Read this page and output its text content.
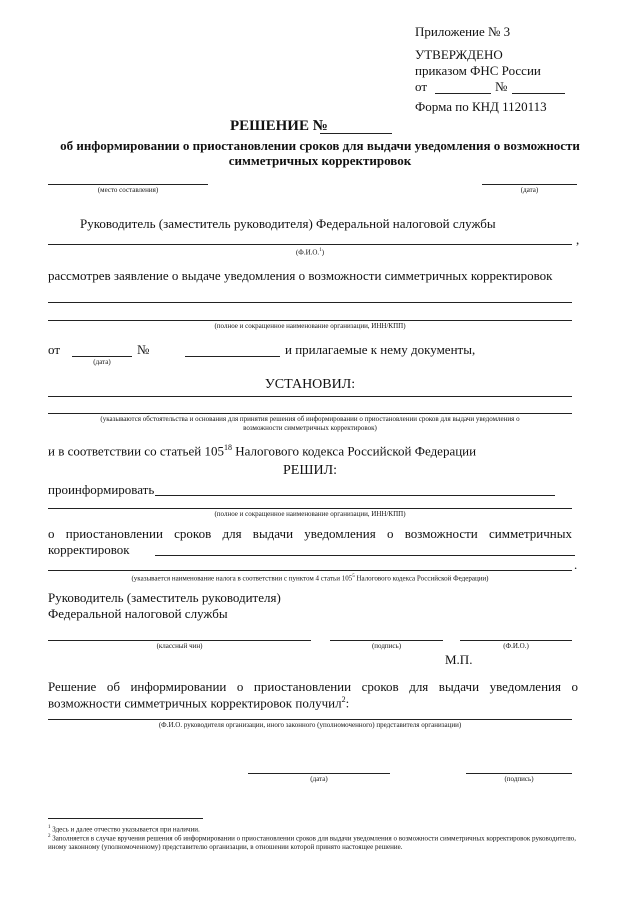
Приложение № 3
УТВЕРЖДЕНО
приказом ФНС России
от	№
Форма по КНД 1120113
РЕШЕНИЕ №
об информировании о приостановлении сроков для выдачи уведомления о возможности
симметричных корректировок
(место составления)	(дата)
Руководитель (заместитель руководителя) Федеральной налоговой службы
,
(Ф.И.О.$^1$)
рассмотрев заявление о выдаче уведомления о возможности симметричных корректировок
(полное и сокращенное наименование организации, ИНН/КПП)
от
(дата)
№	и прилагаемые к нему документы,
УСТАНОВИЛ:
(указываются обстоятельства и основания для принятия решения об информировании о приостановлении сроков для выдачи уведомления о
возможности симметричных корректировок)
и в соответствии со статьей $105^{18}$ Налогового кодекса Российской Федерации
РЕШИЛ:
проинформировать
(полное и сокращенное наименование организации, ИНН/КПП)
о приостановлении сроков для выдачи уведомления о возможности симметричных
корректировок
.
(указывается наименование налога в соответствии с пунктом 4 статьи $105^5$ Налогового кодекса Российской Федерации)
Руководитель (заместитель руководителя)
Федеральной налоговой службы
(классный чин)	(подпись)	(Ф.И.О.)
М.П.
Решение об информировании о приостановлении сроков для выдачи уведомления о
возможности симметричных корректировок получил$^2$:
(Ф.И.О. руководителя организации, иного законного (уполномоченного) представителя организации)
(дата)	(подпись)
$^1$ Здесь и далее отчество указывается при наличии.
$^2$ Заполняется в случае вручения решения об информировании о приостановлении сроков для выдачи уведомления о возможности симметричных корректировок руководителю, иному законному (уполномоченному) представителю организации, в отношении которой принято настоящее решение.
